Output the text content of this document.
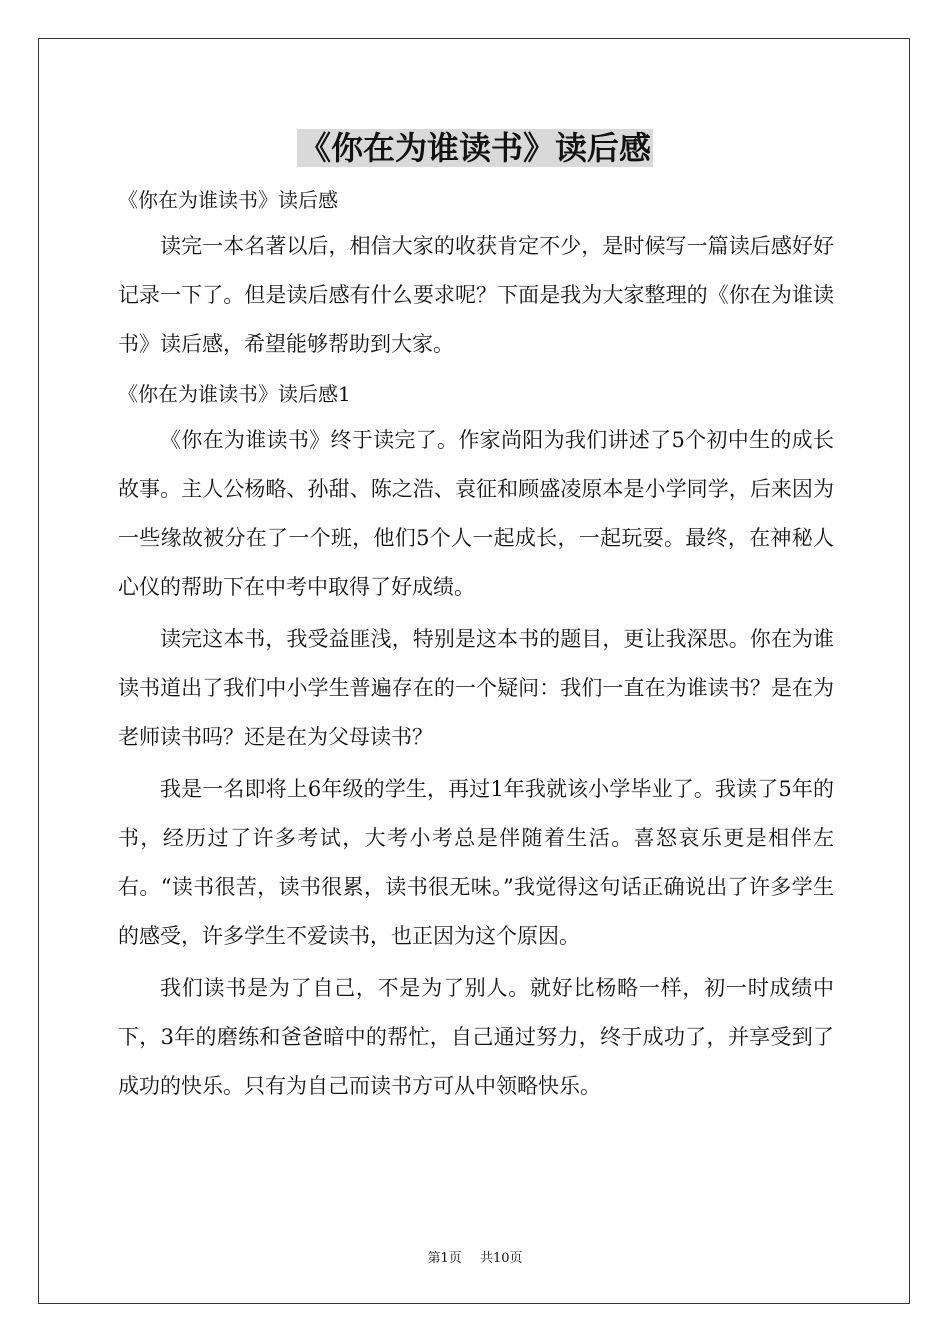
《你在为谁读书》读后感
《你在为谁读书》读后感

读完一本名著以后，相信大家的收获肯定不少，是时候写一篇读后感好好记录一下了。但是读后感有什么要求呢？下面是我为大家整理的《你在为谁读书》读后感，希望能够帮助到大家。

《你在为谁读书》读后感1

《你在为谁读书》终于读完了。作家尚阳为我们讲述了5个初中生的成长故事。主人公杨略、孙甜、陈之浩、袁征和顾盛凌原本是小学同学，后来因为一些缘故被分在了一个班，他们5个人一起成长，一起玩耍。最终，在神秘人心仪的帮助下在中考中取得了好成绩。

读完这本书，我受益匪浅，特别是这本书的题目，更让我深思。你在为谁读书道出了我们中小学生普遍存在的一个疑问：我们一直在为谁读书？是在为老师读书吗？还是在为父母读书？

我是一名即将上6年级的学生，再过1年我就该小学毕业了。我读了5年的书，经历过了许多考试，大考小考总是伴随着生活。喜怒哀乐更是相伴左右。“读书很苦，读书很累，读书很无味。”我觉得这句话正确说出了许多学生的感受，许多学生不爱读书，也正因为这个原因。

我们读书是为了自己，不是为了别人。就好比杨略一样，初一时成绩中下，3年的磨练和爸爸暗中的帮忙，自己通过努力，终于成功了，并享受到了成功的快乐。只有为自己而读书方可从中领略快乐。

第1页 共10页
